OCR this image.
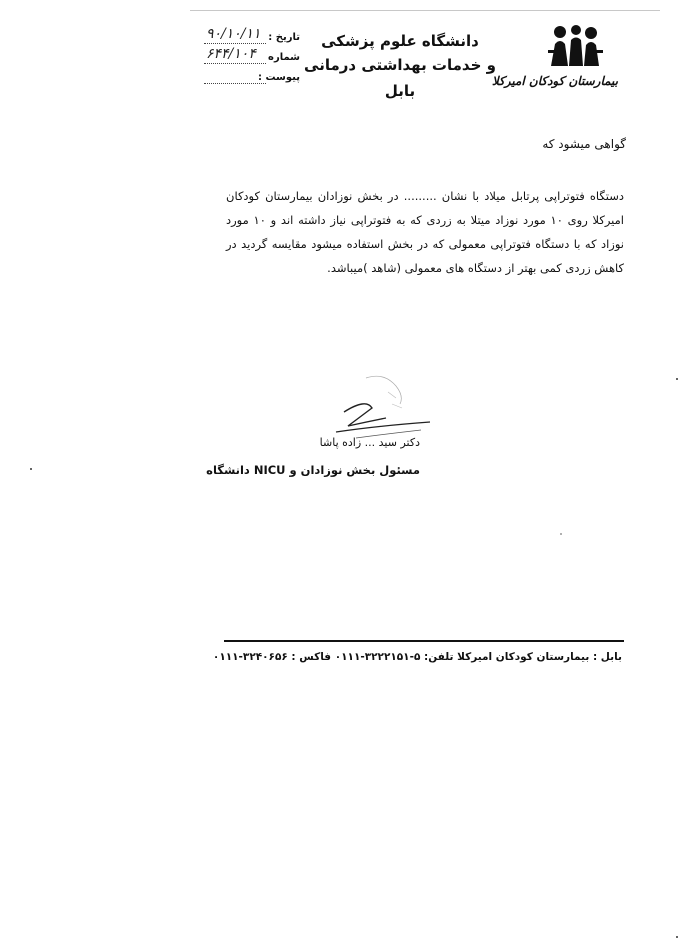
بیمارستان کودکان امیرکلا
دانشگاه علوم پزشکی
و خدمات بهداشتی درمانی بابل
تاریخ :
۹۰/۱۰/۱۱
شماره
۶۴۴/۱۰۴
پیوست :
گواهی میشود که
دستگاه فتوتراپی پرتابل میلاد با نشان ......... در بخش نوزادان بیمارستان کودکان امیرکلا روی ۱۰ مورد نوزاد میتلا به زردی که به فتوتراپی نیاز داشته اند و ۱۰ مورد نوزاد که با دستگاه فتوتراپی معمولی که در بخش استفاده میشود مقایسه گردید در کاهش زردی کمی بهتر از دستگاه های معمولی (شاهد )میباشد.
دکتر سید ... زاده پاشا
مسئول بخش نوزادان و NICU دانشگاه
بابل : بیمارستان کودکان امیرکلا تلفن: ۵-۳۲۲۲۱۵۱-۰۱۱۱ فاکس : ۳۲۴۰۶۵۶-۰۱۱۱
